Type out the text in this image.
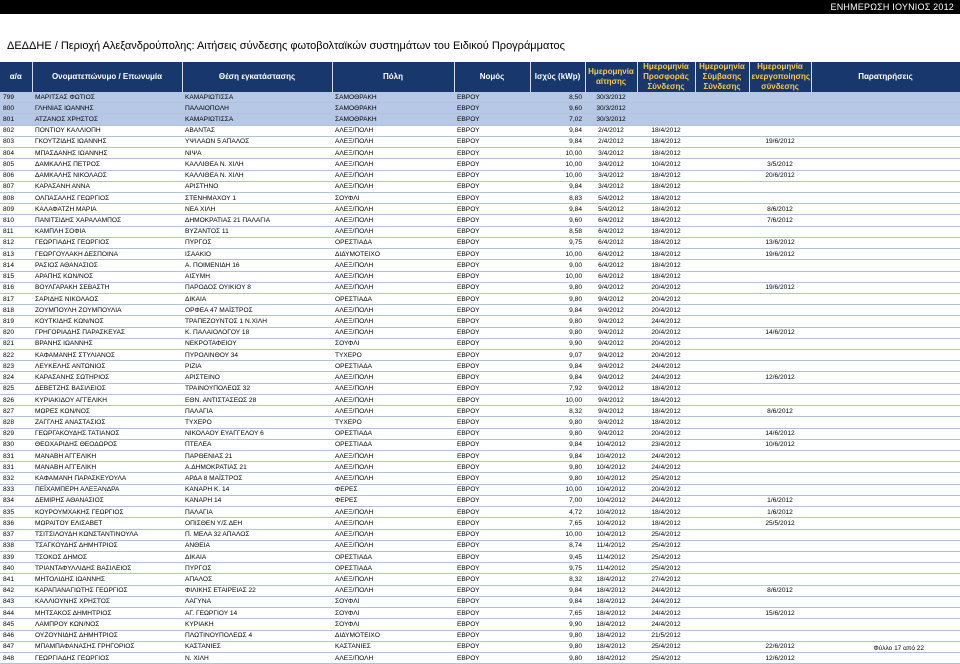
ΕΝΗΜΕΡΩΣΗ ΙΟΥΝΙΟΣ 2012
ΔΕΔΔΗΕ / Περιοχή Αλεξανδρούπολης: Αιτήσεις σύνδεσης φωτοβολταϊκών συστημάτων του Ειδικού Προγράμματος
α/α	Ονοματεπώνυμο / Επωνυμία	Θέση εγκατάστασης	Πόλη	Νομός	Ισχύς (kWp)	Ημερομηνία αίτησης	Ημερομηνία Προσφοράς Σύνδεσης	Ημερομηνία Σύμβασης Σύνδεσης	Ημερομηνία ενεργοποίησης σύνδεσης	Παρατηρήσεις
799	ΜΑΡΙΤΣΑΣ ΦΩΤΙΟΣ	ΚΑΜΑΡΙΩΤΙΣΣΑ	ΣΑΜΟΘΡΑΚΗ	ΕΒΡΟΥ	8,50	30/3/2012				
800	ΓΛΗΝΙΑΣ ΙΩΑΝΝΗΣ	ΠΑΛΑΙΟΠΟΛΗ	ΣΑΜΟΘΡΑΚΗ	ΕΒΡΟΥ	9,60	30/3/2012				
801	ΑΤΖΑΝΟΣ ΧΡΗΣΤΟΣ	ΚΑΜΑΡΙΩΤΙΣΣΑ	ΣΑΜΟΘΡΑΚΗ	ΕΒΡΟΥ	7,02	30/3/2012				
802	ΠΟΝΤΙΟΥ ΚΑΛΛΙΟΠΗ	ΑΒΑΝΤΑΣ	ΑΛΕΞ/ΠΟΛΗ	ΕΒΡΟΥ	9,84	2/4/2012	18/4/2012			
803	ΓΚΟΥΤΖΙΔΗΣ ΙΩΑΝΝΗΣ	ΥΨΙΛΑΩΝ 5 ΑΠΑΛΟΣ	ΑΛΕΞ/ΠΟΛΗ	ΕΒΡΟΥ	9,84	2/4/2012	18/4/2012		19/6/2012	
804	ΜΠΑΣΔΑΝΗΣ ΙΩΑΝΝΗΣ	ΝΙΨΑ	ΑΛΕΞ/ΠΟΛΗ	ΕΒΡΟΥ	10,00	3/4/2012	18/4/2012			
805	ΔΑΜΚΑΛΗΣ ΠΕΤΡΟΣ	ΚΑΛΛΙΘΕΑ Ν. ΧΙΛΗ	ΑΛΕΞ/ΠΟΛΗ	ΕΒΡΟΥ	10,00	3/4/2012	10/4/2012		3/5/2012	
806	ΔΑΜΚΑΛΗΣ ΝΙΚΟΛΑΟΣ	ΚΑΛΛΙΘΕΑ Ν. ΧΙΛΗ	ΑΛΕΞ/ΠΟΛΗ	ΕΒΡΟΥ	10,00	3/4/2012	18/4/2012		20/6/2012	
807	ΚΑΡΑΣΑΝΗ ΑΝΝΑ	ΑΡΙΣΤΗΝΟ	ΑΛΕΞ/ΠΟΛΗ	ΕΒΡΟΥ	9,84	3/4/2012	18/4/2012			
808	ΟΛΠΑΣΑΛΗΣ ΓΕΩΡΓΙΟΣ	ΣΤΕΝΗΜΑΧΟΥ 1	ΣΟΥΦΛΙ	ΕΒΡΟΥ	8,83	5/4/2012	18/4/2012			
809	ΚΑΛΑΦΑΤΖΗ ΜΑΡΙΑ	ΝΕΑ ΧΙΛΗ	ΑΛΕΞ/ΠΟΛΗ	ΕΒΡΟΥ	9,84	5/4/2012	18/4/2012		8/6/2012	
810	ΠΑΝΙΤΣΙΔΗΣ ΧΑΡΑΛΑΜΠΟΣ	ΔΗΜΟΚΡΑΤΙΑΣ 21 ΠΑΛΑΓΙΑ	ΑΛΕΞ/ΠΟΛΗ	ΕΒΡΟΥ	9,60	6/4/2012	18/4/2012		7/6/2012	
811	ΚΑΜΠΛΗ ΣΟΦΙΑ	ΒΥΖΑΝΤΟΣ 11	ΑΛΕΞ/ΠΟΛΗ	ΕΒΡΟΥ	8,58	6/4/2012	18/4/2012			
812	ΓΕΩΡΓΙΑΔΗΣ ΓΕΩΡΓΙΟΣ	ΠΥΡΓΟΣ	ΟΡΕΣΤΙΑΔΑ	ΕΒΡΟΥ	9,75	6/4/2012	18/4/2012		13/6/2012	
813	ΓΕΩΡΓΟΥΛΑΚΗ ΔΕΣΠΟΙΝΑ	ΙΣΑΑΚΙΟ	ΔΙΔΥΜΟΤΕΙΧΟ	ΕΒΡΟΥ	10,00	6/4/2012	18/4/2012		19/6/2012	
814	ΡΑΣΙΟΣ ΑΘΑΝΑΣΙΟΣ	Α. ΠΟΙΜΕΝΙΔΗ 16	ΑΛΕΞ/ΠΟΛΗ	ΕΒΡΟΥ	9,00	6/4/2012	18/4/2012			
815	ΑΡΑΠΗΣ ΚΩΝ/ΝΟΣ	ΑΙΣΥΜΗ	ΑΛΕΞ/ΠΟΛΗ	ΕΒΡΟΥ	10,00	6/4/2012	18/4/2012			
816	ΒΟΥΛΓΑΡΑΚΗ ΣΕΒΑΣΤΗ	ΠΑΡΟΔΟΣ ΟΥΙΚΙΟΥ 8	ΑΛΕΞ/ΠΟΛΗ	ΕΒΡΟΥ	9,80	9/4/2012	20/4/2012		19/6/2012	
817	ΣΑΡΙΔΗΣ ΝΙΚΟΛΑΟΣ	ΔΙΚΑΙΑ	ΟΡΕΣΤΙΑΔΑ	ΕΒΡΟΥ	9,80	9/4/2012	20/4/2012			
818	ΖΟΥΜΠΟΥΛΗ ΖΟΥΜΠΟΥΛΙΑ	ΟΡΦΕΑ 47 ΜΑΪΣΤΡΟΣ	ΑΛΕΞ/ΠΟΛΗ	ΕΒΡΟΥ	9,84	9/4/2012	20/4/2012			
819	ΚΟΥΤΚΙΔΗΣ ΚΩΝ/ΝΟΣ	ΤΡΑΠΕΖΟΥΝΤΟΣ 1 Ν.ΧΙΛΗ	ΑΛΕΞ/ΠΟΛΗ	ΕΒΡΟΥ	9,80	9/4/2012	24/4/2012			
820	ΓΡΗΓΟΡΙΑΔΗΣ ΠΑΡΑΣΚΕΥΑΣ	Κ. ΠΑΛΑΙΟΛΟΓΟΥ 18	ΑΛΕΞ/ΠΟΛΗ	ΕΒΡΟΥ	9,80	9/4/2012	20/4/2012		14/6/2012	
821	ΒΡΑΝΗΣ ΙΩΑΝΝΗΣ	ΝΕΚΡΟΤΑΦΕΙΟΥ	ΣΟΥΦΛΙ	ΕΒΡΟΥ	9,90	9/4/2012	20/4/2012			
822	ΚΑΦΑΜΑΝΗΣ ΣΤΥΛΙΑΝΟΣ	ΠΥΡΟΛΙΝΘΟΥ 34	ΤΥΧΕΡΟ	ΕΒΡΟΥ	9,07	9/4/2012	20/4/2012			
823	ΛΕΥΚΕΛΗΣ ΑΝΤΩΝΙΟΣ	ΡΙΖΙΑ	ΟΡΕΣΤΙΑΔΑ	ΕΒΡΟΥ	9,84	9/4/2012	24/4/2012			
824	ΚΑΡΑΣΑΝΗΣ ΣΩΤΗΡΙΟΣ	ΑΡΙΣΤΕΙΝΟ	ΑΛΕΞ/ΠΟΛΗ	ΕΒΡΟΥ	9,84	9/4/2012	24/4/2012		12/6/2012	
825	ΔΕΒΕΤΖΗΣ ΒΑΣΙΛΕΙΟΣ	ΤΡΑΙΝΟΥΠΟΛΕΩΣ 32	ΑΛΕΞ/ΠΟΛΗ	ΕΒΡΟΥ	7,92	9/4/2012	18/4/2012			
826	ΚΥΡΙΑΚΙΔΟΥ ΑΓΓΕΛΙΚΗ	ΕΘΝ. ΑΝΤΙΣΤΑΣΕΩΣ 28	ΑΛΕΞ/ΠΟΛΗ	ΕΒΡΟΥ	10,00	9/4/2012	18/4/2012			
827	ΜΩΡΕΣ ΚΩΝ/ΝΟΣ	ΠΑΛΑΓΙΑ	ΑΛΕΞ/ΠΟΛΗ	ΕΒΡΟΥ	8,32	9/4/2012	18/4/2012		8/6/2012	
828	ΖΑΓΓΛΗΣ ΑΝΑΣΤΑΣΙΟΣ	ΤΥΧΕΡΟ	ΤΥΧΕΡΟ	ΕΒΡΟΥ	9,80	9/4/2012	18/4/2012			
829	ΓΕΩΡΓΑΚΟΥΔΗΣ ΤΑΤΙΑΝΟΣ	ΝΙΚΟΛΑΟΥ ΕΥΑΓΓΕΛΟΥ 6	ΟΡΕΣΤΙΑΔΑ	ΕΒΡΟΥ	9,80	9/4/2012	20/4/2012		14/6/2012	
830	ΘΕΟΧΑΡΙΔΗΣ ΘΕΟΔΩΡΟΣ	ΠΤΕΛΕΑ	ΟΡΕΣΤΙΑΔΑ	ΕΒΡΟΥ	9,84	10/4/2012	23/4/2012		10/6/2012	
831	ΜΑΝΑΒΗ ΑΓΓΕΛΙΚΗ	ΠΑΡΘΕΝΙΑΣ 21	ΑΛΕΞ/ΠΟΛΗ	ΕΒΡΟΥ	9,84	10/4/2012	24/4/2012			
831	ΜΑΝΑΒΗ ΑΓΓΕΛΙΚΗ	Α.ΔΗΜΟΚΡΑΤΙΑΣ 21	ΑΛΕΞ/ΠΟΛΗ	ΕΒΡΟΥ	9,80	10/4/2012	24/4/2012			
832	ΚΑΦΑΜΑΝΗ ΠΑΡΑΣΚΕΥΟΥΛΑ	ΑΡΔΑ 8 ΜΑΪΣΤΡΟΣ	ΑΛΕΞ/ΠΟΛΗ	ΕΒΡΟΥ	9,80	10/4/2012	25/4/2012			
833	ΠΕΪΧΑΜΠΕΡΗ ΑΛΕΞΑΝΔΡΑ	ΚΑΝΑΡΗ Κ. 14	ΦΕΡΕΣ	ΕΒΡΟΥ	10,00	10/4/2012	20/4/2012			
834	ΔΕΜΙΡΗΣ ΑΘΑΝΑΣΙΟΣ	ΚΑΝΑΡΗ 14	ΦΕΡΕΣ	ΕΒΡΟΥ	7,00	10/4/2012	24/4/2012		1/6/2012	
835	ΚΟΥΡΟΥΜΧΑΚΗΣ ΓΕΩΡΓΙΟΣ	ΠΑΛΑΓΙΑ	ΑΛΕΞ/ΠΟΛΗ	ΕΒΡΟΥ	4,72	10/4/2012	18/4/2012		1/6/2012	
836	ΜΩΡΑΙΤΟΥ ΕΛΙΣΑΒΕΤ	ΟΠΙΣΘΕΝ Υ/Σ ΔΕΗ	ΑΛΕΞ/ΠΟΛΗ	ΕΒΡΟΥ	7,65	10/4/2012	18/4/2012		25/5/2012	
837	ΤΣΙΤΣΙΛΟΥΔΗ ΚΩΝΣΤΑΝΤΙΝΟΥΛΑ	Π. ΜΕΛΑ 32 ΑΠΑΛΟΣ	ΑΛΕΞ/ΠΟΛΗ	ΕΒΡΟΥ	10,00	10/4/2012	25/4/2012			
838	ΤΣΑΓΚΟΥΔΗΣ ΔΗΜΗΤΡΙΟΣ	ΑΝΘΕΙΑ	ΑΛΕΞ/ΠΟΛΗ	ΕΒΡΟΥ	8,74	11/4/2012	25/4/2012			
839	ΤΣΟΚΟΣ ΔΗΜΟΣ	ΔΙΚΑΙΑ	ΟΡΕΣΤΙΑΔΑ	ΕΒΡΟΥ	9,45	11/4/2012	25/4/2012			
840	ΤΡΙΑΝΤΑΦΥΛΛΙΔΗΣ ΒΑΣΙΛΕΙΟΣ	ΠΥΡΓΟΣ	ΟΡΕΣΤΙΑΔΑ	ΕΒΡΟΥ	9,75	11/4/2012	25/4/2012			
841	ΜΗΤΟΛΙΔΗΣ ΙΩΑΝΝΗΣ	ΑΠΑΛΟΣ	ΑΛΕΞ/ΠΟΛΗ	ΕΒΡΟΥ	8,32	18/4/2012	27/4/2012			
842	ΚΑΡΑΠΑΝΑΓΙΩΤΗΣ ΓΕΩΡΓΙΟΣ	ΦΙΛΙΚΗΣ ΕΤΑΙΡΕΙΑΣ 22	ΑΛΕΞ/ΠΟΛΗ	ΕΒΡΟΥ	9,84	18/4/2012	24/4/2012		8/6/2012	
843	ΚΑΛΛΙΟΥΝΗΣ ΧΡΗΣΤΟΣ	ΛΑΓΥΝΑ	ΣΟΥΦΛΙ	ΕΒΡΟΥ	9,84	18/4/2012	24/4/2012			
844	ΜΗΤΣΑΚΟΣ ΔΗΜΗΤΡΙΟΣ	ΑΓ. ΓΕΩΡΓΙΟΥ 14	ΣΟΥΦΛΙ	ΕΒΡΟΥ	7,65	18/4/2012	24/4/2012		15/6/2012	
845	ΛΑΜΠΡΟΥ ΚΩΝ/ΝΟΣ	ΚΥΡΙΑΚΗ	ΣΟΥΦΛΙ	ΕΒΡΟΥ	9,90	18/4/2012	24/4/2012			
846	ΟΥΖΟΥΝΙΔΗΣ ΔΗΜΗΤΡΙΟΣ	ΠΛΩΤΙΝΟΥΠΟΛΕΩΣ 4	ΔΙΔΥΜΟΤΕΙΧΟ	ΕΒΡΟΥ	9,80	18/4/2012	21/5/2012			
847	ΜΠΑΜΠΑΦΑΝΑΣΗΣ ΓΡΗΓΟΡΙΟΣ	ΚΑΣΤΑΝΙΕΣ	ΚΑΣΤΑΝΙΕΣ	ΕΒΡΟΥ	9,80	18/4/2012	25/4/2012		22/6/2012	
848	ΓΕΩΡΓΙΑΔΗΣ ΓΕΩΡΓΙΟΣ	Ν. ΧΙΛΗ	ΑΛΕΞ/ΠΟΛΗ	ΕΒΡΟΥ	9,80	18/4/2012	25/4/2012		12/6/2012	
Φύλλο 17 από 22
